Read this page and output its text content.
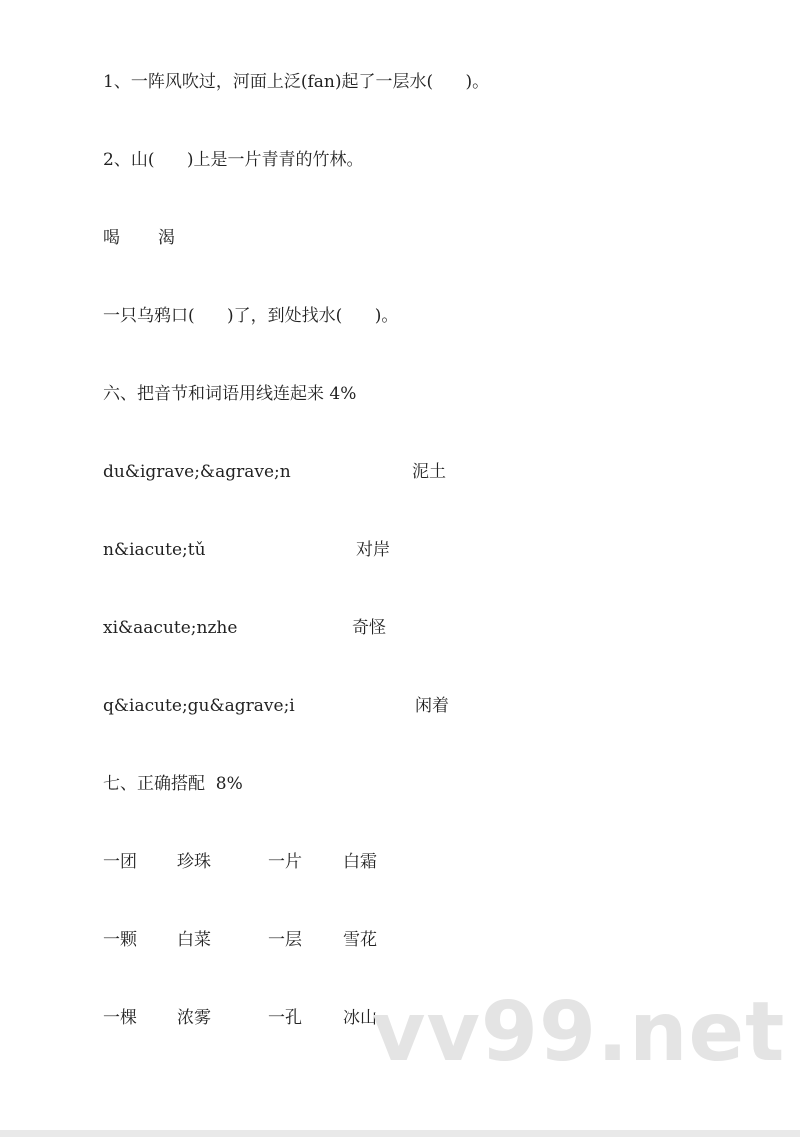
1、一阵风吹过，河面上泛(fan)起了一层水(      )。
2、山(      )上是一片青青的竹林。
喝 渴
一只乌鸦口(      )了，到处找水(      )。
六、把音节和词语用线连起来 4%
du&igrave;&agrave;n	泥土
n&iacute;tǔ	对岸
xi&aacute;nzhe	奇怪
q&iacute;gu&agrave;i	闲着
七、正确搭配  8%
一团 珍珠	一片 白霜
一颗 白菜	一层 雪花
一棵 浓雾	一孔 冰山
vv99.net
